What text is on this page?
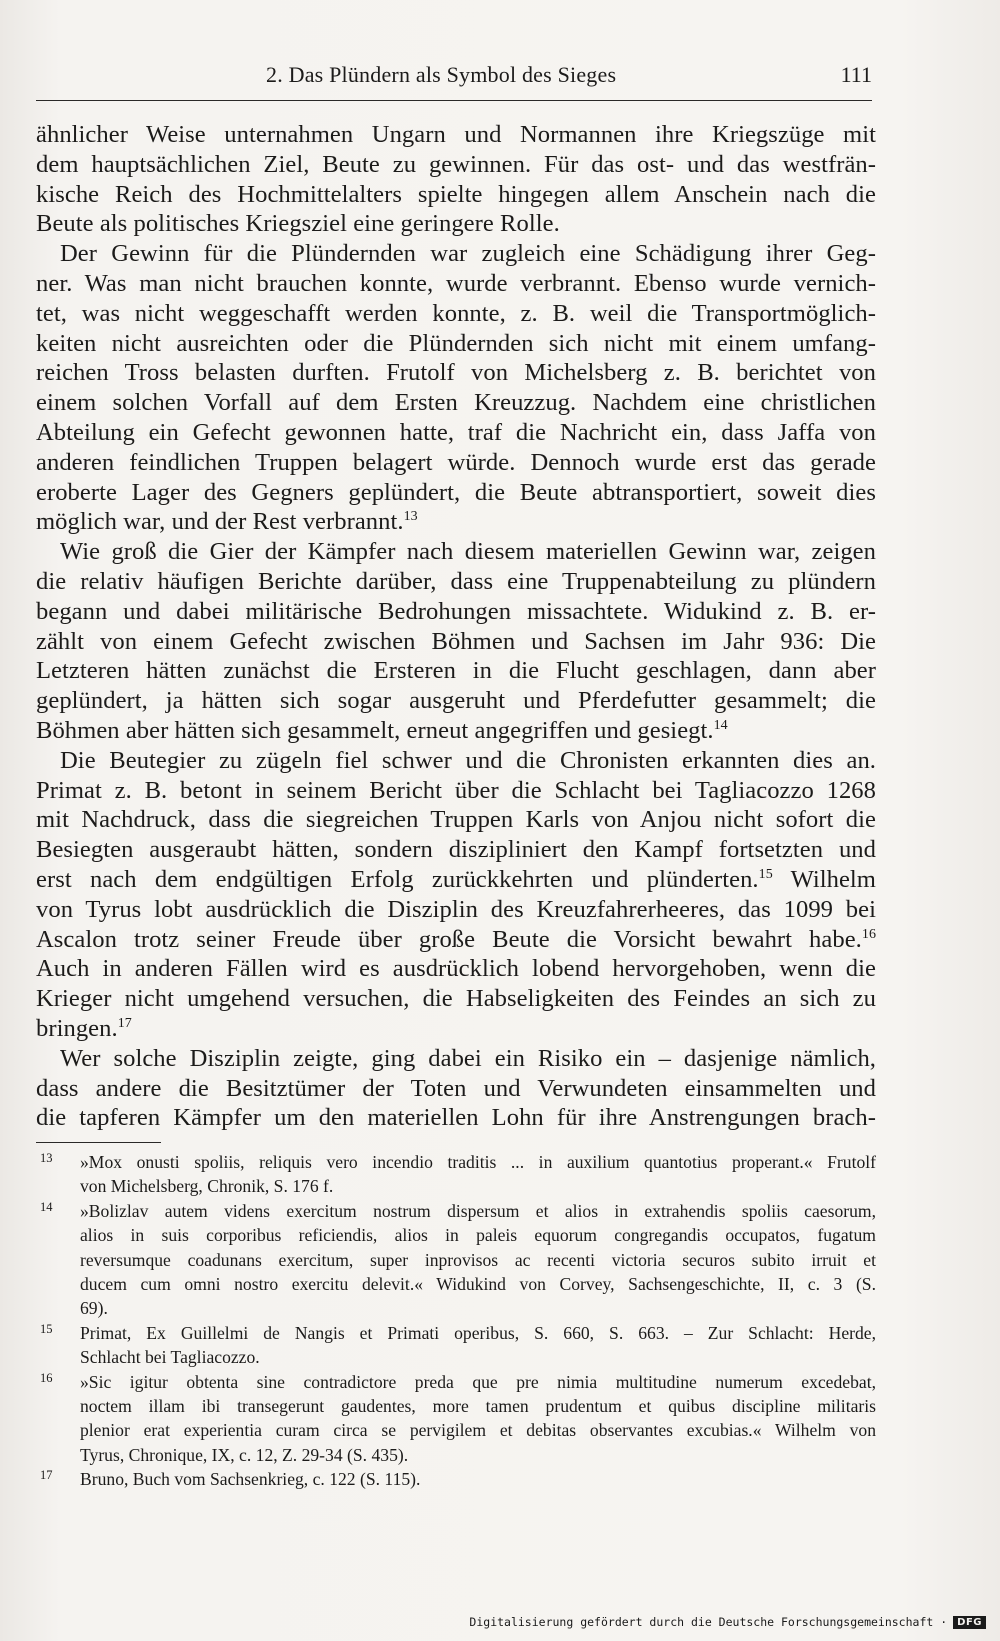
2. Das Plündern als Symbol des Sieges	111
ähnlicher Weise unternahmen Ungarn und Normannen ihre Kriegszüge mit
dem hauptsächlichen Ziel, Beute zu gewinnen. Für das ost- und das westfrän-
kische Reich des Hochmittelalters spielte hingegen allem Anschein nach die
Beute als politisches Kriegsziel eine geringere Rolle.
Der Gewinn für die Plündernden war zugleich eine Schädigung ihrer Geg-
ner. Was man nicht brauchen konnte, wurde verbrannt. Ebenso wurde vernich-
tet, was nicht weggeschafft werden konnte, z. B. weil die Transportmöglich-
keiten nicht ausreichten oder die Plündernden sich nicht mit einem umfang-
reichen Tross belasten durften. Frutolf von Michelsberg z. B. berichtet von
einem solchen Vorfall auf dem Ersten Kreuzzug. Nachdem eine christlichen
Abteilung ein Gefecht gewonnen hatte, traf die Nachricht ein, dass Jaffa von
anderen feindlichen Truppen belagert würde. Dennoch wurde erst das gerade
eroberte Lager des Gegners geplündert, die Beute abtransportiert, soweit dies
möglich war, und der Rest verbrannt.$^{13}$
Wie groß die Gier der Kämpfer nach diesem materiellen Gewinn war, zeigen
die relativ häufigen Berichte darüber, dass eine Truppenabteilung zu plündern
begann und dabei militärische Bedrohungen missachtete. Widukind z. B. er-
zählt von einem Gefecht zwischen Böhmen und Sachsen im Jahr 936: Die
Letzteren hätten zunächst die Ersteren in die Flucht geschlagen, dann aber
geplündert, ja hätten sich sogar ausgeruht und Pferdefutter gesammelt; die
Böhmen aber hätten sich gesammelt, erneut angegriffen und gesiegt.$^{14}$
Die Beutegier zu zügeln fiel schwer und die Chronisten erkannten dies an.
Primat z. B. betont in seinem Bericht über die Schlacht bei Tagliacozzo 1268
mit Nachdruck, dass die siegreichen Truppen Karls von Anjou nicht sofort die
Besiegten ausgeraubt hätten, sondern diszipliniert den Kampf fortsetzten und
erst nach dem endgültigen Erfolg zurückkehrten und plünderten.$^{15}$ Wilhelm
von Tyrus lobt ausdrücklich die Disziplin des Kreuzfahrerheeres, das 1099 bei
Ascalon trotz seiner Freude über große Beute die Vorsicht bewahrt habe.$^{16}$
Auch in anderen Fällen wird es ausdrücklich lobend hervorgehoben, wenn die
Krieger nicht umgehend versuchen, die Habseligkeiten des Feindes an sich zu
bringen.$^{17}$
Wer solche Disziplin zeigte, ging dabei ein Risiko ein – dasjenige nämlich,
dass andere die Besitztümer der Toten und Verwundeten einsammelten und
die tapferen Kämpfer um den materiellen Lohn für ihre Anstrengungen brach-
13 »Mox onusti spoliis, reliquis vero incendio traditis ... in auxilium quantotius properant.« Frutolf
von Michelsberg, Chronik, S. 176 f.
14 »Bolizlav autem videns exercitum nostrum dispersum et alios in extrahendis spoliis caesorum,
alios in suis corporibus reficiendis, alios in paleis equorum congregandis occupatos, fugatum
reversumque coadunans exercitum, super inprovisos ac recenti victoria securos subito irruit et
ducem cum omni nostro exercitu delevit.« Widukind von Corvey, Sachsengeschichte, II, c. 3 (S.
69).
15 Primat, Ex Guillelmi de Nangis et Primati operibus, S. 660, S. 663. – Zur Schlacht: Herde,
Schlacht bei Tagliacozzo.
16 »Sic igitur obtenta sine contradictore preda que pre nimia multitudine numerum excedebat,
noctem illam ibi transegerunt gaudentes, more tamen prudentum et quibus discipline militaris
plenior erat experientia curam circa se pervigilem et debitas observantes excubias.« Wilhelm von
Tyrus, Chronique, IX, c. 12, Z. 29-34 (S. 435).
17 Bruno, Buch vom Sachsenkrieg, c. 122 (S. 115).
Digitalisierung gefördert durch die Deutsche Forschungsgemeinschaft ·	DFG
